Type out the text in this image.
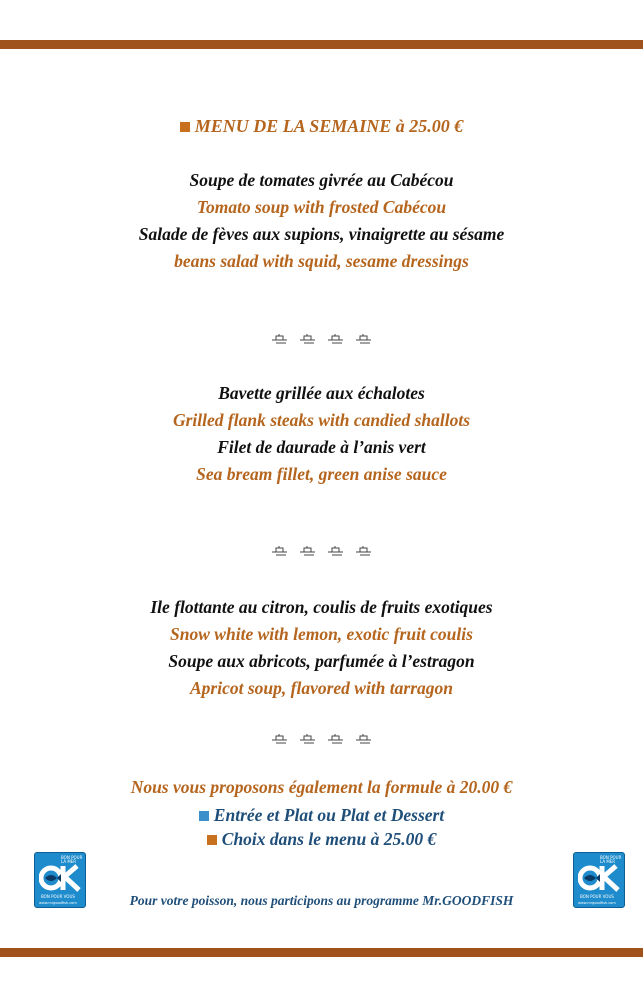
MENU DE LA SEMAINE à 25.00 €
Soupe de tomates givrée au Cabécou
Tomato soup with frosted Cabécou
Salade de fèves aux supions, vinaigrette au sésame
beans salad with squid, sesame dressings
Bavette grillée aux échalotes
Grilled flank steaks with candied shallots
Filet de daurade à l’anis vert
Sea bream fillet, green anise sauce
Ile flottante au citron, coulis de fruits exotiques
Snow white with lemon, exotic fruit coulis
Soupe aux abricots, parfumée à l’estragon
Apricot soup, flavored with tarragon
Nous vous proposons également la formule à 20.00 €
Entrée et Plat ou Plat et Dessert
Choix dans le menu à 25.00 €
BON POUR LA MER
BON POUR VOUS
www.mrgoodfish.com	Pour votre poisson, nous participons au programme Mr.GOODFISH
BON POUR LA MER
BON POUR VOUS
www.mrgoodfish.com
